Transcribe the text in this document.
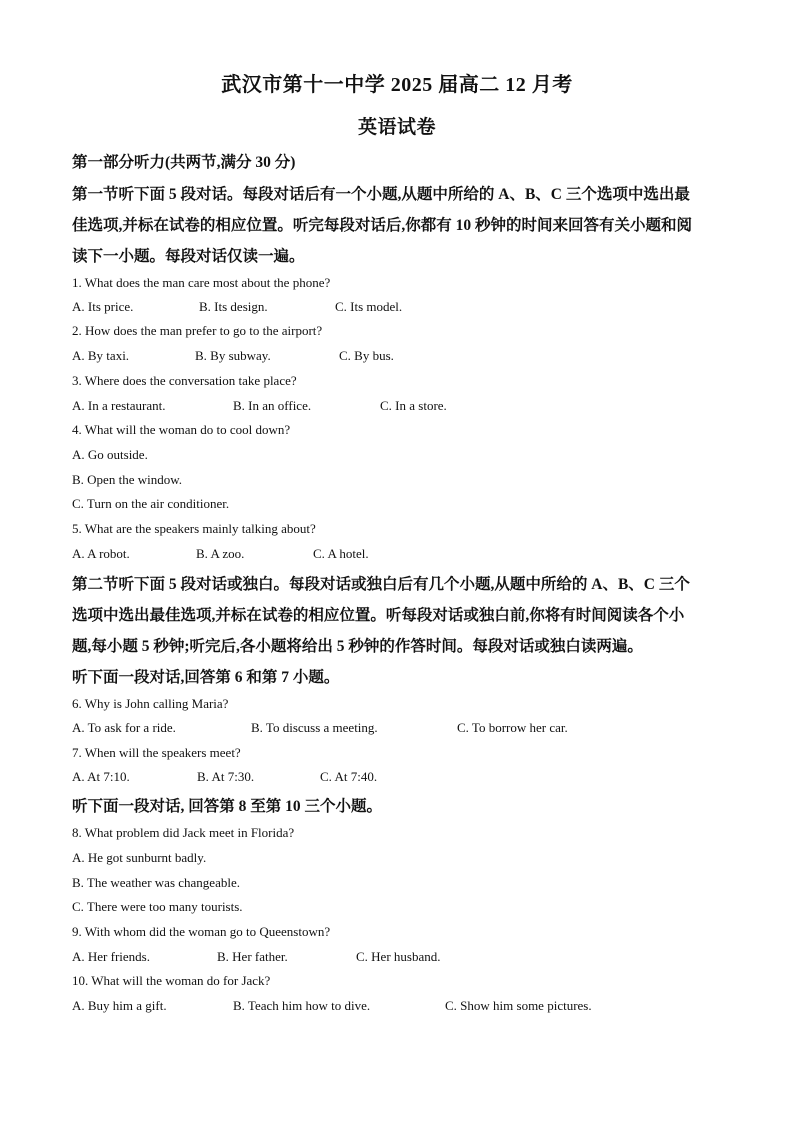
武汉市第十一中学 2025 届高二 12 月考
英语试卷
第一部分听力(共两节,满分 30 分)
第一节听下面 5 段对话。每段对话后有一个小题,从题中所给的 A、B、C 三个选项中选出最
佳选项,并标在试卷的相应位置。听完每段对话后,你都有 10 秒钟的时间来回答有关小题和阅
读下一小题。每段对话仅读一遍。
1. What does the man care most about the phone?
A. Its price.	B. Its design.	C. Its model.
2. How does the man prefer to go to the airport?
A. By taxi.	B. By subway.	C. By bus.
3. Where does the conversation take place?
A. In a restaurant.	B. In an office.	C. In a store.
4. What will the woman do to cool down?
A. Go outside.
B. Open the window.
C. Turn on the air conditioner.
5. What are the speakers mainly talking about?
A. A robot.	B. A zoo.	C. A hotel.
第二节听下面 5 段对话或独白。每段对话或独白后有几个小题,从题中所给的 A、B、C 三个
选项中选出最佳选项,并标在试卷的相应位置。听每段对话或独白前,你将有时间阅读各个小
题,每小题 5 秒钟;听完后,各小题将给出 5 秒钟的作答时间。每段对话或独白读两遍。
听下面一段对话,回答第 6 和第 7 小题。
6. Why is John calling Maria?
A. To ask for a ride.	B. To discuss a meeting.	C. To borrow her car.
7. When will the speakers meet?
A. At 7:10.	B. At 7:30.	C. At 7:40.
听下面一段对话, 回答第 8 至第 10 三个小题。
8. What problem did Jack meet in Florida?
A. He got sunburnt badly.
B. The weather was changeable.
C. There were too many tourists.
9. With whom did the woman go to Queenstown?
A. Her friends.	B. Her father.	C. Her husband.
10. What will the woman do for Jack?
A. Buy him a gift.	B. Teach him how to dive.	C. Show him some pictures.
